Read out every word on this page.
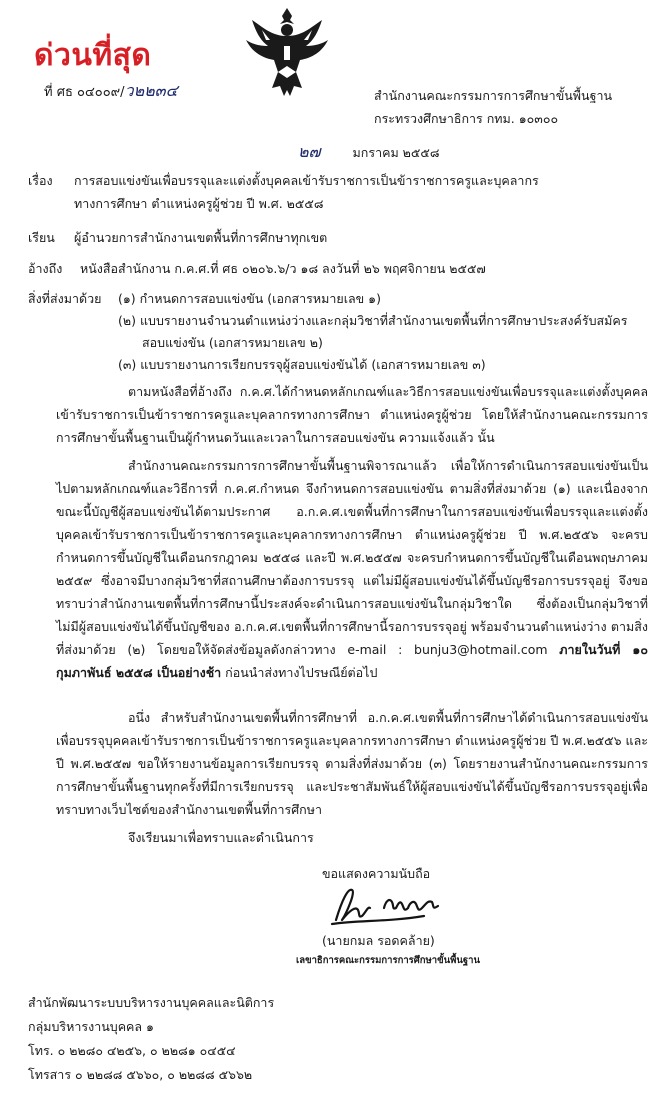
ด่วนที่สุด
ที่ ศธ ๐๔๐๐๙/ว๒๒๓๔	สำนักงานคณะกรรมการการศึกษาขั้นพื้นฐาน
กระทรวงศึกษาธิการ กทม. ๑๐๓๐๐
๒๗	มกราคม ๒๕๕๘
เรื่อง การสอบแข่งขันเพื่อบรรจุและแต่งตั้งบุคคลเข้ารับราชการเป็นข้าราชการครูและบุคลากร
ทางการศึกษา ตำแหน่งครูผู้ช่วย ปี พ.ศ. ๒๕๕๘
เรียน ผู้อำนวยการสำนักงานเขตพื้นที่การศึกษาทุกเขต
อ้างถึง หนังสือสำนักงาน ก.ค.ศ.ที่ ศธ ๐๒๐๖.๖/ว ๑๘ ลงวันที่ ๒๖ พฤศจิกายน ๒๕๕๗
สิ่งที่ส่งมาด้วย (๑) กำหนดการสอบแข่งขัน (เอกสารหมายเลข ๑)
(๒) แบบรายงานจำนวนตำแหน่งว่างและกลุ่มวิชาที่สำนักงานเขตพื้นที่การศึกษาประสงค์รับสมัคร
สอบแข่งขัน (เอกสารหมายเลข ๒)
(๓) แบบรายงานการเรียกบรรจุผู้สอบแข่งขันได้ (เอกสารหมายเลข ๓)
ตามหนังสือที่อ้างถึง ก.ค.ศ.ได้กำหนดหลักเกณฑ์และวิธีการสอบแข่งขันเพื่อบรรจุและแต่งตั้งบุคคลเข้ารับราชการเป็นข้าราชการครูและบุคลากรทางการศึกษา ตำแหน่งครูผู้ช่วย โดยให้สำนักงานคณะกรรมการการศึกษาขั้นพื้นฐานเป็นผู้กำหนดวันและเวลาในการสอบแข่งขัน ความแจ้งแล้ว นั้น
สำนักงานคณะกรรมการการศึกษาขั้นพื้นฐานพิจารณาแล้ว เพื่อให้การดำเนินการสอบแข่งขันเป็นไปตามหลักเกณฑ์และวิธีการที่ ก.ค.ศ.กำหนด จึงกำหนดการสอบแข่งขัน ตามสิ่งที่ส่งมาด้วย (๑) และเนื่องจากขณะนี้บัญชีผู้สอบแข่งขันได้ตามประกาศ อ.ก.ค.ศ.เขตพื้นที่การศึกษาในการสอบแข่งขันเพื่อบรรจุและแต่งตั้งบุคคลเข้ารับราชการเป็นข้าราชการครูและบุคลากรทางการศึกษา ตำแหน่งครูผู้ช่วย ปี พ.ศ.๒๕๕๖ จะครบกำหนดการขึ้นบัญชีในเดือนกรกฎาคม ๒๕๕๘ และปี พ.ศ.๒๕๕๗ จะครบกำหนดการขึ้นบัญชีในเดือนพฤษภาคม ๒๕๕๙ ซึ่งอาจมีบางกลุ่มวิชาที่สถานศึกษาต้องการบรรจุ แต่ไม่มีผู้สอบแข่งขันได้ขึ้นบัญชีรอการบรรจุอยู่ จึงขอทราบว่าสำนักงานเขตพื้นที่การศึกษานี้ประสงค์จะดำเนินการสอบแข่งขันในกลุ่มวิชาใด ซึ่งต้องเป็นกลุ่มวิชาที่ไม่มีผู้สอบแข่งขันได้ขึ้นบัญชีของ อ.ก.ค.ศ.เขตพื้นที่การศึกษานี้รอการบรรจุอยู่ พร้อมจำนวนตำแหน่งว่าง ตามสิ่งที่ส่งมาด้วย (๒) โดยขอให้จัดส่งข้อมูลดังกล่าวทาง e-mail : bunju3@hotmail.com ภายในวันที่ ๑๐ กุมภาพันธ์ ๒๕๕๘ เป็นอย่างช้า ก่อนนำส่งทางไปรษณีย์ต่อไป
อนึ่ง สำหรับสำนักงานเขตพื้นที่การศึกษาที่ อ.ก.ค.ศ.เขตพื้นที่การศึกษาได้ดำเนินการสอบแข่งขันเพื่อบรรจุบุคคลเข้ารับราชการเป็นข้าราชการครูและบุคลากรทางการศึกษา ตำแหน่งครูผู้ช่วย ปี พ.ศ.๒๕๕๖ และ ปี พ.ศ.๒๕๕๗ ขอให้รายงานข้อมูลการเรียกบรรจุ ตามสิ่งที่ส่งมาด้วย (๓) โดยรายงานสำนักงานคณะกรรมการการศึกษาขั้นพื้นฐานทุกครั้งที่มีการเรียกบรรจุ และประชาสัมพันธ์ให้ผู้สอบแข่งขันได้ขึ้นบัญชีรอการบรรจุอยู่เพื่อทราบทางเว็บไซต์ของสำนักงานเขตพื้นที่การศึกษา
จึงเรียนมาเพื่อทราบและดำเนินการ
ขอแสดงความนับถือ
(นายกมล รอดคล้าย)
เลขาธิการคณะกรรมการการศึกษาขั้นพื้นฐาน
สำนักพัฒนาระบบบริหารงานบุคคลและนิติการ
กลุ่มบริหารงานบุคคล ๑
โทร. ๐ ๒๒๘๐ ๔๒๕๖, ๐ ๒๒๘๑ ๐๔๕๔
โทรสาร ๐ ๒๒๘๘ ๕๖๖๐, ๐ ๒๒๘๘ ๕๖๖๒
